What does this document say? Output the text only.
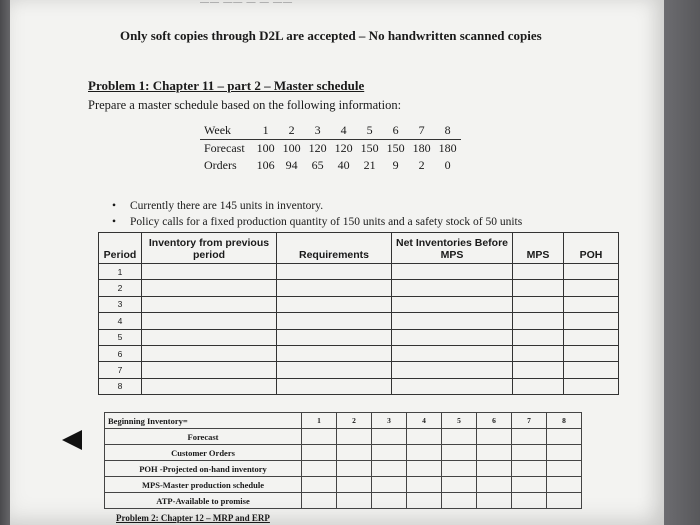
—— —— — — ——
Only soft copies through D2L are accepted – No handwritten scanned copies
Problem 1: Chapter 11 – part 2 – Master schedule
Prepare a master schedule based on the following information:
Week	1	2	3	4	5	6	7	8
Forecast	100	100	120	120	150	150	180	180
Orders	106	94	65	40	21	9	2	0
• Currently there are 145 units in inventory.
• Policy calls for a fixed production quantity of 150 units and a safety stock of 50 units
Period	Inventory from previous period	Requirements	Net Inventories Before MPS	MPS	POH
1					
2					
3					
4					
5					
6					
7					
8					
Beginning Inventory=	1	2	3	4	5	6	7	8
Forecast								
Customer Orders								
POH -Projected on-hand inventory								
MPS-Master production schedule								
ATP-Available to promise								
Problem 2: Chapter 12 – MRP and ERP
